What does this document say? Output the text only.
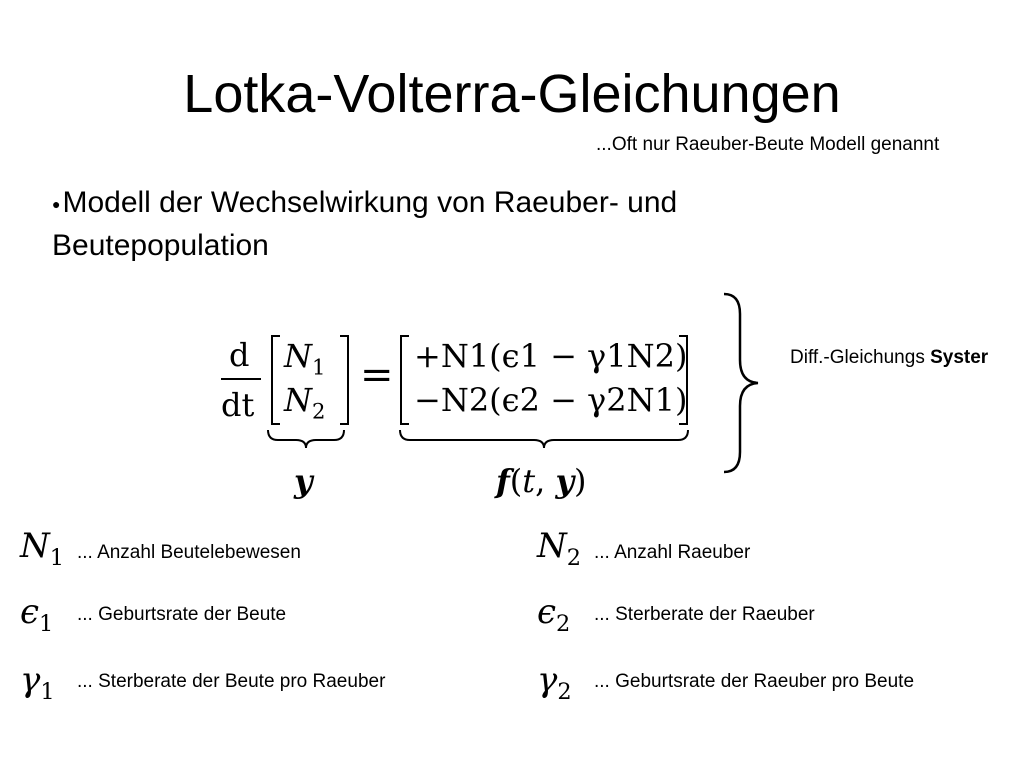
Lotka-Volterra-Gleichungen
...Oft nur Raeuber-Beute Modell genannt
●Modell der Wechselwirkung von Raeuber- und
Beutepopulation
d
dt
$N_1$
$N_2$
= +N1(ϵ1 − γ1N2)
−N2(ϵ2 − γ2N1)
y	f(t, y)
Diff.-Gleichungs Syster
$N_1$ ... Anzahl Beutelebewesen	$N_2$ ... Anzahl Raeuber
$\epsilon_1$ ... Geburtsrate der Beute	$\epsilon_2$ ... Sterberate der Raeuber
$\gamma_1$ ... Sterberate der Beute pro Raeuber	$\gamma_2$ ... Geburtsrate der Raeuber pro Beute
